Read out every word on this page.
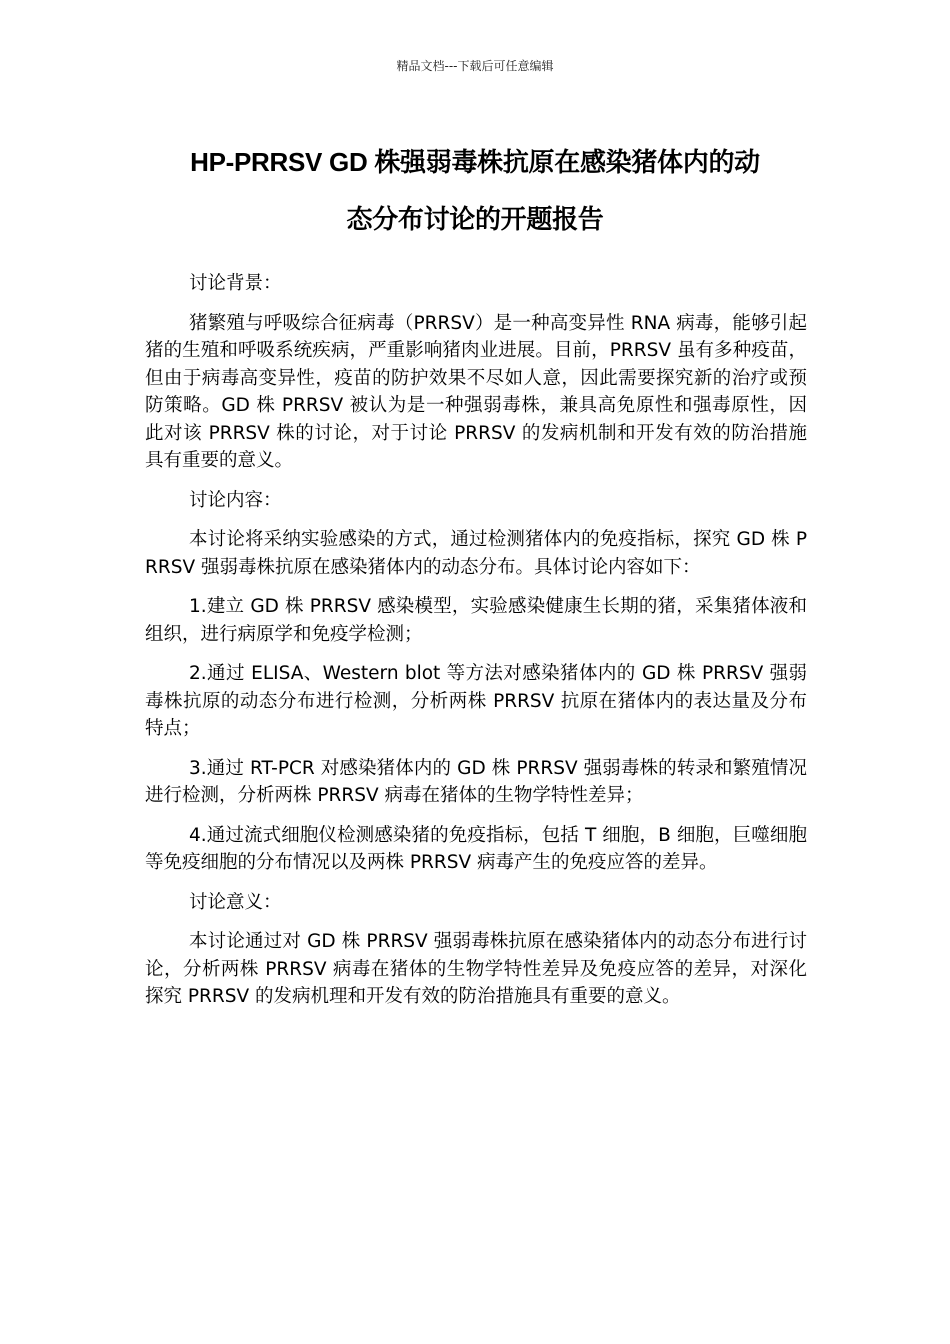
精品文档---下载后可任意编辑
HP-PRRSV GD 株强弱毒株抗原在感染猪体内的动
态分布讨论的开题报告

讨论背景：

猪繁殖与呼吸综合征病毒（PRRSV）是一种高变异性 RNA 病毒，能够引起猪的生殖和呼吸系统疾病，严重影响猪肉业进展。目前，PRRSV 虽有多种疫苗，但由于病毒高变异性，疫苗的防护效果不尽如人意，因此需要探究新的治疗或预防策略。GD 株 PRRSV 被认为是一种强弱毒株，兼具高免原性和强毒原性，因此对该 PRRSV 株的讨论，对于讨论 PRRSV 的发病机制和开发有效的防治措施具有重要的意义。

讨论内容：

本讨论将采纳实验感染的方式，通过检测猪体内的免疫指标，探究 GD 株 PRRSV 强弱毒株抗原在感染猪体内的动态分布。具体讨论内容如下：

1.建立 GD 株 PRRSV 感染模型，实验感染健康生长期的猪，采集猪体液和组织，进行病原学和免疫学检测；

2.通过 ELISA、Western blot 等方法对感染猪体内的 GD 株 PRRSV 强弱毒株抗原的动态分布进行检测，分析两株 PRRSV 抗原在猪体内的表达量及分布特点；

3.通过 RT-PCR 对感染猪体内的 GD 株 PRRSV 强弱毒株的转录和繁殖情况进行检测，分析两株 PRRSV 病毒在猪体的生物学特性差异；

4.通过流式细胞仪检测感染猪的免疫指标，包括 T 细胞，B 细胞，巨噬细胞等免疫细胞的分布情况以及两株 PRRSV 病毒产生的免疫应答的差异。

讨论意义：

本讨论通过对 GD 株 PRRSV 强弱毒株抗原在感染猪体内的动态分布进行讨论，分析两株 PRRSV 病毒在猪体的生物学特性差异及免疫应答的差异，对深化探究 PRRSV 的发病机理和开发有效的防治措施具有重要的意义。
